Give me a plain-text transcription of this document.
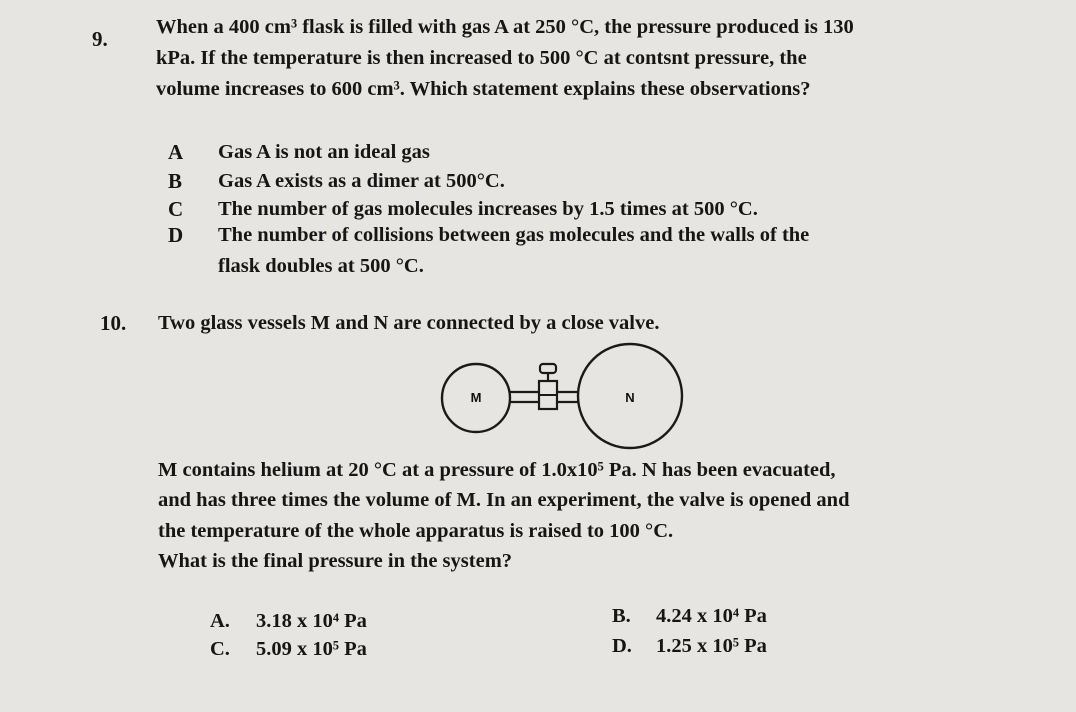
9. When a 400 cm³ flask is filled with gas A at 250 °C, the pressure produced is 130
kPa. If the temperature is then increased to 500 °C at contsnt pressure, the
volume increases to 600 cm³. Which statement explains these observations?
A Gas A is not an ideal gas
B Gas A exists as a dimer at 500°C.
C The number of gas molecules increases by 1.5 times at 500 °C.
D The number of collisions between gas molecules and the walls of the
flask doubles at 500 °C.
10. Two glass vessels M and N are connected by a close valve.
M	N
M contains helium at 20 °C at a pressure of 1.0x10⁵ Pa. N has been evacuated,
and has three times the volume of M. In an experiment, the valve is opened and
the temperature of the whole apparatus is raised to 100 °C.
What is the final pressure in the system?
A. 3.18 x 10⁴ Pa	B. 4.24 x 10⁴ Pa
C. 5.09 x 10⁵ Pa	D. 1.25 x 10⁵ Pa
